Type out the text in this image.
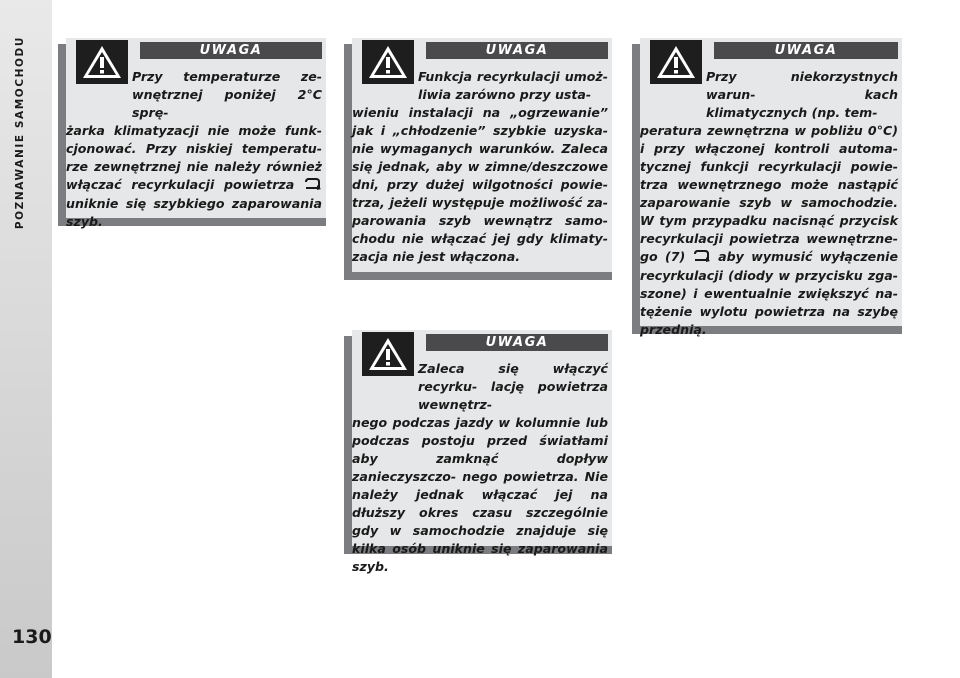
POZNAWANIE SAMOCHODU
130
UWAGA
Przy temperaturze ze- wnętrznej poniżej 2°C sprę-
żarka klimatyzacji nie może funk- cjonować. Przy niskiej temperatu- rze zewnętrznej nie należy również włączać recyrkulacji powietrza  uniknie się szybkiego zaparowania szyb.
UWAGA
Funkcja recyrkulacji umoż- liwia zarówno przy usta-
wieniu instalacji na „ogrzewanie” jak i „chłodzenie” szybkie uzyska- nie wymaganych warunków. Zaleca się jednak, aby w zimne/deszczowe dni, przy dużej wilgotności powie- trza, jeżeli występuje możliwość za- parowania szyb wewnątrz samo- chodu nie włączać jej gdy klimaty- zacja nie jest włączona.
UWAGA
Przy niekorzystnych warun- kach klimatycznych (np. tem-
peratura zewnętrzna w pobliżu 0°C) i przy włączonej kontroli automa- tycznej funkcji recyrkulacji powie- trza wewnętrznego może nastąpić zaparowanie szyb w samochodzie. W tym przypadku nacisnąć przycisk recyrkulacji powietrza wewnętrzne- go (7)	aby wymusić wyłączenie recyrkulacji (diody w przycisku zga- szone) i ewentualnie zwiększyć na- tężenie wylotu powietrza na szybę przednią.
UWAGA
Zaleca się włączyć recyrku- lację powietrza wewnętrz-
nego podczas jazdy w kolumnie lub podczas postoju przed światłami aby zamknąć dopływ zanieczyszczo- nego powietrza. Nie należy jednak włączać jej na dłuższy okres czasu szczególnie gdy w samochodzie znajduje się kilka osób uniknie się zaparowania szyb.
